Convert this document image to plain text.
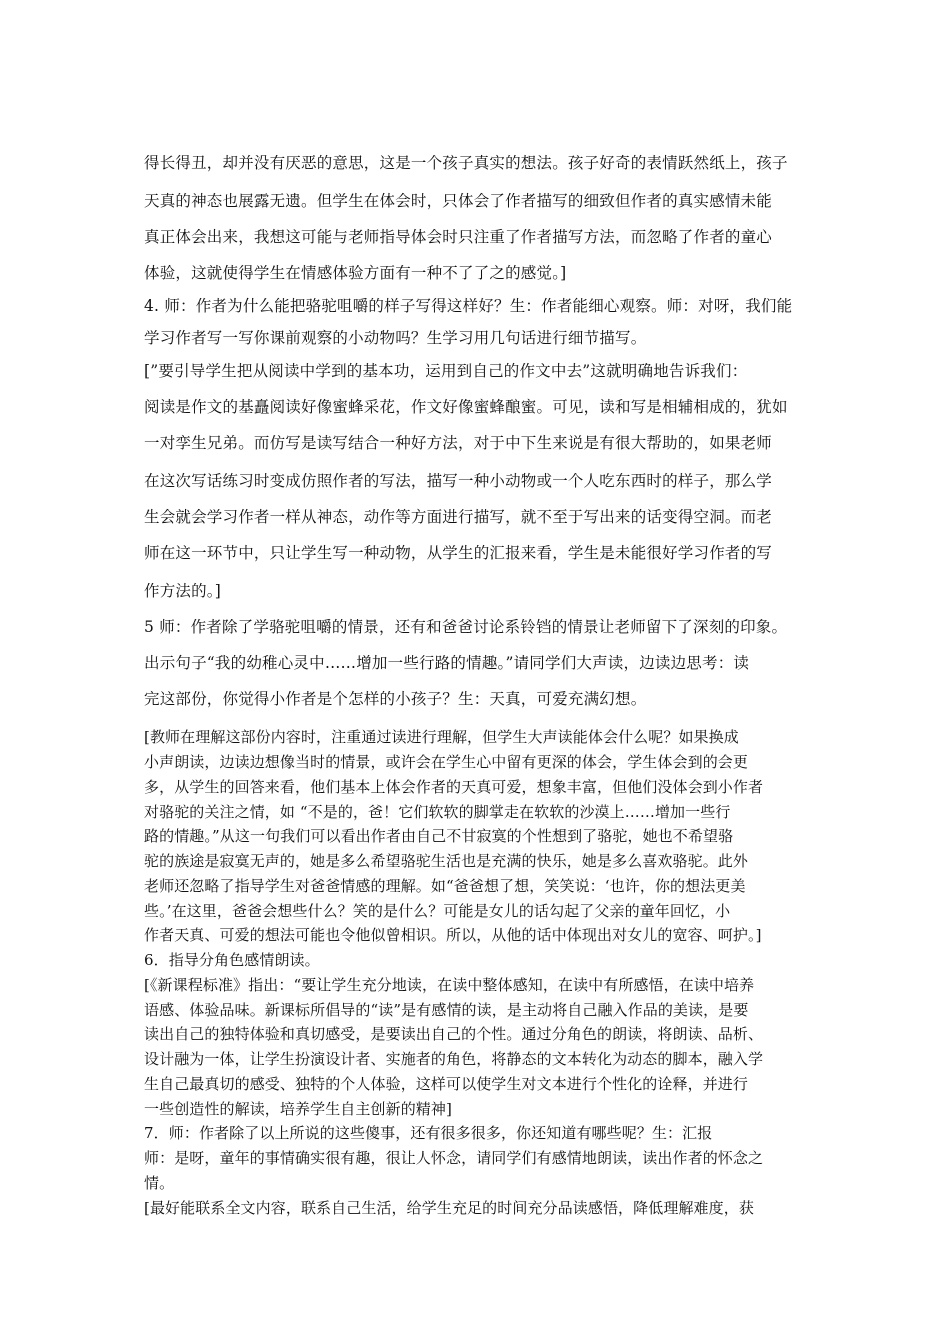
得长得丑，却并没有厌恶的意思，这是一个孩子真实的想法。孩子好奇的表情跃然纸上，孩子
天真的神态也展露无遗。但学生在体会时，只体会了作者描写的细致但作者的真实感情未能
真正体会出来，我想这可能与老师指导体会时只注重了作者描写方法，而忽略了作者的童心
体验，这就使得学生在情感体验方面有一种不了了之的感觉。]
4. 师：作者为什么能把骆驼咀嚼的样子写得这样好？生：作者能细心观察。师：对呀，我们能
学习作者写一写你课前观察的小动物吗？生学习用几句话进行细节描写。
[”要引导学生把从阅读中学到的基本功，运用到自己的作文中去”这就明确地告诉我们：
阅读是作文的基矗阅读好像蜜蜂采花，作文好像蜜蜂酿蜜。可见，读和写是相辅相成的，犹如
一对孪生兄弟。而仿写是读写结合一种好方法，对于中下生来说是有很大帮助的，如果老师
在这次写话练习时变成仿照作者的写法，描写一种小动物或一个人吃东西时的样子，那么学
生会就会学习作者一样从神态，动作等方面进行描写，就不至于写出来的话变得空洞。而老
师在这一环节中，只让学生写一种动物，从学生的汇报来看，学生是未能很好学习作者的写
作方法的。]
5 师：作者除了学骆驼咀嚼的情景，还有和爸爸讨论系铃铛的情景让老师留下了深刻的印象。
出示句子“我的幼稚心灵中……增加一些行路的情趣。”请同学们大声读，边读边思考：读
完这部份，你觉得小作者是个怎样的小孩子？生：天真，可爱充满幻想。
[教师在理解这部份内容时，注重通过读进行理解，但学生大声读能体会什么呢？如果换成
小声朗读，边读边想像当时的情景，或许会在学生心中留有更深的体会，学生体会到的会更
多，从学生的回答来看，他们基本上体会作者的天真可爱，想象丰富，但他们没体会到小作者
对骆驼的关注之情，如 “不是的，爸！它们软软的脚掌走在软软的沙漠上……增加一些行
路的情趣。”从这一句我们可以看出作者由自己不甘寂寞的个性想到了骆驼，她也不希望骆
驼的族途是寂寞无声的，她是多么希望骆驼生活也是充满的快乐，她是多么喜欢骆驼。此外
老师还忽略了指导学生对爸爸情感的理解。如“爸爸想了想，笑笑说：‘也许，你的想法更美
些。’在这里，爸爸会想些什么？笑的是什么？可能是女儿的话勾起了父亲的童年回忆，小
作者天真、可爱的想法可能也令他似曾相识。所以，从他的话中体现出对女儿的宽容、呵护。]
6．指导分角色感情朗读。
[《新课程标准》指出：“要让学生充分地读，在读中整体感知，在读中有所感悟，在读中培养
语感、体验品味。新课标所倡导的“读”是有感情的读，是主动将自己融入作品的美读，是要
读出自己的独特体验和真切感受，是要读出自己的个性。通过分角色的朗读，将朗读、品析、
设计融为一体，让学生扮演设计者、实施者的角色，将静态的文本转化为动态的脚本，融入学
生自己最真切的感受、独特的个人体验，这样可以使学生对文本进行个性化的诠释，并进行
一些创造性的解读，培养学生自主创新的精神]
7．师：作者除了以上所说的这些傻事，还有很多很多，你还知道有哪些呢？生：汇报
师：是呀，童年的事情确实很有趣，很让人怀念，请同学们有感情地朗读，读出作者的怀念之
情。
[最好能联系全文内容，联系自己生活，给学生充足的时间充分品读感悟，降低理解难度，获
